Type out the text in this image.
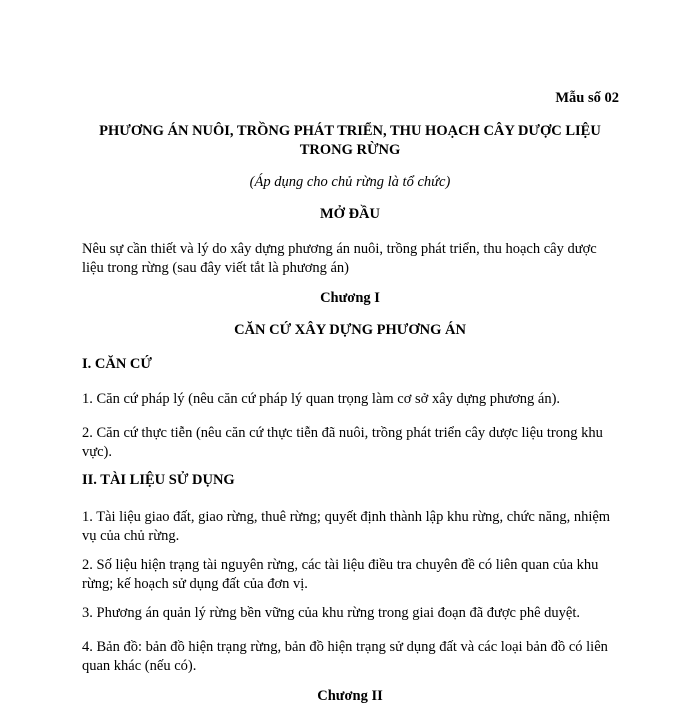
Mẫu số 02
PHƯƠNG ÁN NUÔI, TRỒNG PHÁT TRIỂN, THU HOẠCH CÂY DƯỢC LIỆU
TRONG RỪNG
(Áp dụng cho chủ rừng là tổ chức)
MỞ ĐẦU
Nêu sự cần thiết và lý do xây dựng phương án nuôi, trồng phát triển, thu hoạch cây dược liệu trong rừng (sau đây viết tắt là phương án)
Chương I
CĂN CỨ XÂY DỰNG PHƯƠNG ÁN
I. CĂN CỨ
1. Căn cứ pháp lý (nêu căn cứ pháp lý quan trọng làm cơ sở xây dựng phương án).
2. Căn cứ thực tiễn (nêu căn cứ thực tiễn đã nuôi, trồng phát triển cây dược liệu trong khu vực).
II. TÀI LIỆU SỬ DỤNG
1. Tài liệu giao đất, giao rừng, thuê rừng; quyết định thành lập khu rừng, chức năng, nhiệm vụ của chủ rừng.
2. Số liệu hiện trạng tài nguyên rừng, các tài liệu điều tra chuyên đề có liên quan của khu rừng; kế hoạch sử dụng đất của đơn vị.
3. Phương án quản lý rừng bền vững của khu rừng trong giai đoạn đã được phê duyệt.
4. Bản đồ: bản đồ hiện trạng rừng, bản đồ hiện trạng sử dụng đất và các loại bản đồ có liên quan khác (nếu có).
Chương II
